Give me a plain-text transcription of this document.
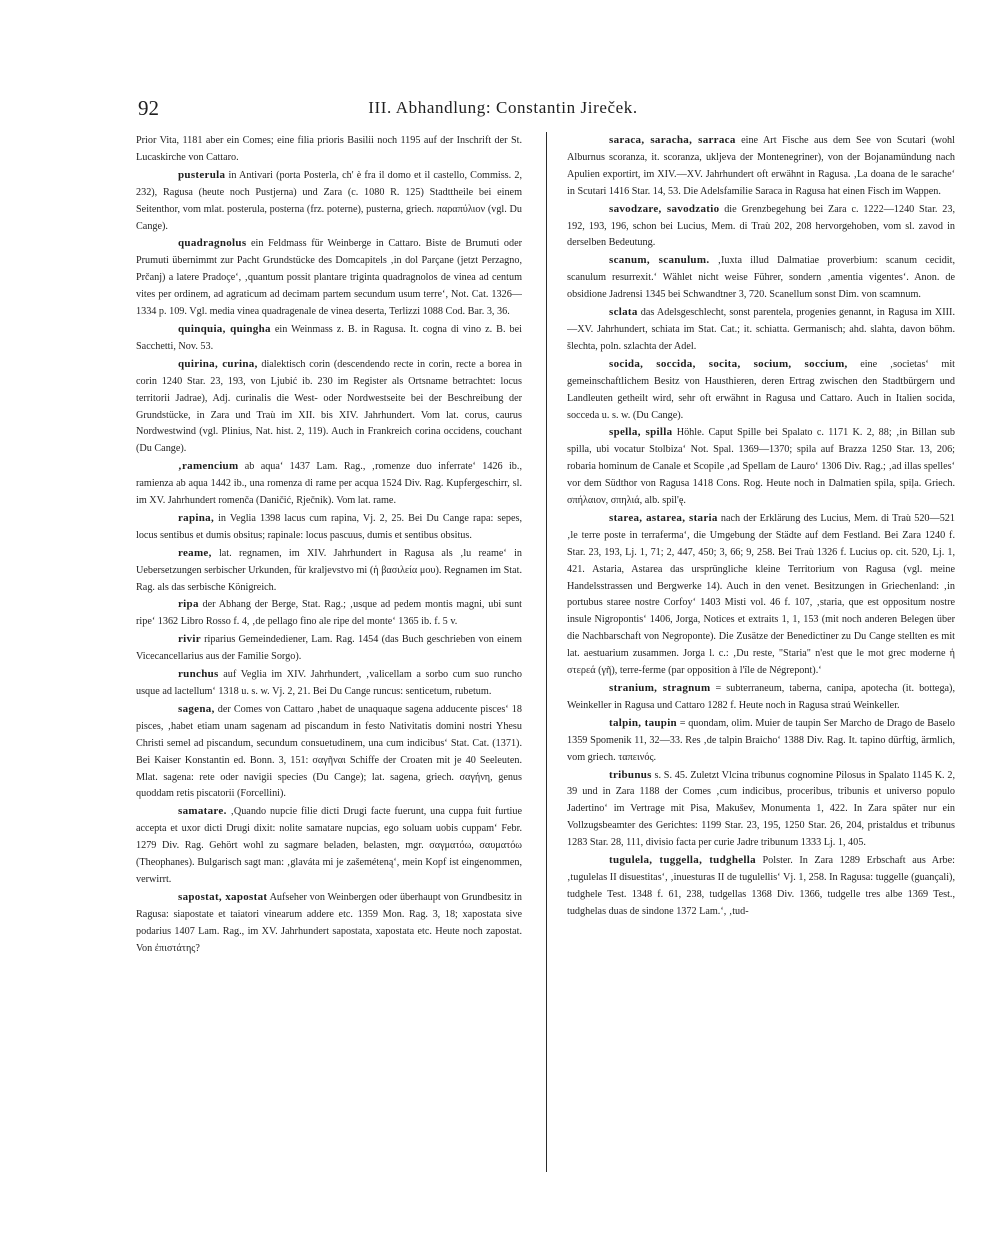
92	III. Abhandlung: Constantin Jireček.

Prior Vita, 1181 aber ein Comes; eine filia prioris Basilii noch 1195 auf der Inschrift der St. Lucaskirche von Cattaro.

pusterula in Antivari (porta Posterla, ch' è fra il domo et il castello, Commiss. 2, 232), Ragusa (heute noch Pustjerna) und Zara (c. 1080 R. 125) Stadttheile bei einem Seitenthor, vom mlat. posterula, posterna (frz. poterne), pusterna, griech. παραπύλιον (vgl. Du Cange).

quadragnolus ein Feldmass für Weinberge in Cattaro. Biste de Brumuti oder Prumuti übernimmt zur Pacht Grundstücke des Domcapitels ‚in dol Parçane (jetzt Perzagno, Prčanj) a latere Pradoçe‘, ‚quantum possit plantare triginta quadragnolos de vinea ad centum vites per ordinem, ad agraticum ad decimam partem secundum usum terre‘, Not. Cat. 1326—1334 p. 109. Vgl. media vinea quadragenale de vinea deserta, Terlizzi 1088 Cod. Bar. 3, 36.

quinquia, quingha ein Weinmass z. B. in Ragusa. It. cogna di vino z. B. bei Sacchetti, Nov. 53.

quirina, curina, dialektisch corin (descendendo recte in corin, recte a borea in corin 1240 Star. 23, 193, von Ljubić ib. 230 im Register als Ortsname betrachtet: locus territorii Jadrae), Adj. curinalis die West- oder Nordwestseite bei der Beschreibung der Grundstücke, in Zara und Traù im XII. bis XIV. Jahrhundert. Vom lat. corus, caurus Nordwestwind (vgl. Plinius, Nat. hist. 2, 119). Auch in Frankreich corina occidens, couchant (Du Cange).

‚ramencium ab aqua‘ 1437 Lam. Rag., ‚romenze duo inferrate‘ 1426 ib., ramienza ab aqua 1442 ib., una romenza di rame per acqua 1524 Div. Rag. Kupfergeschirr, sl. im XV. Jahrhundert romenča (Daničić, Rječnik). Vom lat. rame.

rapina, in Veglia 1398 lacus cum rapina, Vj. 2, 25. Bei Du Cange rapa: sepes, locus sentibus et dumis obsitus; rapinale: locus pascuus, dumis et sentibus obsitus.

reame, lat. regnamen, im XIV. Jahrhundert in Ragusa als ‚lu reame‘ in Uebersetzungen serbischer Urkunden, für kraljevstvo mi (ἡ βασιλεία μου). Regnamen im Stat. Rag. als das serbische Königreich.

ripa der Abhang der Berge, Stat. Rag.; ‚usque ad pedem montis magni, ubi sunt ripe‘ 1362 Libro Rosso f. 4, ‚de pellago fino ale ripe del monte‘ 1365 ib. f. 5 v.

rivir riparius Gemeindediener, Lam. Rag. 1454 (das Buch geschrieben von einem Vicecancellarius aus der Familie Sorgo).

runchus auf Veglia im XIV. Jahrhundert, ‚valicellam a sorbo cum suo runcho usque ad lactellum‘ 1318 u. s. w. Vj. 2, 21. Bei Du Cange runcus: senticetum, rubetum.

sagena, der Comes von Cattaro ‚habet de unaquaque sagena adducente pisces‘ 18 pisces, ‚habet etiam unam sagenam ad piscandum in festo Nativitatis domini nostri Yhesu Christi semel ad piscandum, secundum consuetudinem, una cum indicibus‘ Stat. Cat. (1371). Bei Kaiser Konstantin ed. Bonn. 3, 151: σαγῆναι Schiffe der Croaten mit je 40 Seeleuten. Mlat. sagena: rete oder navigii species (Du Cange); lat. sagena, griech. σαγήνη, genus quoddam retis piscatorii (Forcellini).

samatare. ‚Quando nupcie filie dicti Drugi facte fuerunt, una cuppa fuit furtiue accepta et uxor dicti Drugi dixit: nolite samatare nupcias, ego soluam uobis cuppam‘ Febr. 1279 Div. Rag. Gehört wohl zu sagmare beladen, belasten, mgr. σαγματόω, σαυματόω (Theophanes). Bulgarisch sagt man: ‚glaváta mi je zašeméteną‘, mein Kopf ist eingenommen, verwirrt.

sapostat, xapostat Aufseher von Weinbergen oder überhaupt von Grundbesitz in Ragusa: siapostate et taiatori vinearum addere etc. 1359 Mon. Rag. 3, 18; xapostata sive podarius 1407 Lam. Rag., im XV. Jahrhundert sapostata, xapostata etc. Heute noch zapostat. Von ἐπιστάτης?

saraca, saracha, sarraca eine Art Fische aus dem See von Scutari (wohl Alburnus scoranza, it. scoranza, ukljeva der Montenegriner), von der Bojanamündung nach Apulien exportirt, im XIV.—XV. Jahrhundert oft erwähnt in Ragusa. ‚La doana de le sarache‘ in Scutari 1416 Star. 14, 53. Die Adelsfamilie Saraca in Ragusa hat einen Fisch im Wappen.

savodzare, savodzatio die Grenzbegehung bei Zara c. 1222—1240 Star. 23, 192, 193, 196, schon bei Lucius, Mem. di Traù 202, 208 hervorgehoben, vom sl. zavod in derselben Bedeutung.

scanum, scanulum. ‚Iuxta illud Dalmatiae proverbium: scanum cecidit, scanulum resurrexit.‘ Wählet nicht weise Führer, sondern ‚amentia vigentes‘. Anon. de obsidione Jadrensi 1345 bei Schwandtner 3, 720. Scanellum sonst Dim. von scamnum.

sclata das Adelsgeschlecht, sonst parentela, progenies genannt, in Ragusa im XIII.—XV. Jahrhundert, schiata im Stat. Cat.; it. schiatta. Germanisch; ahd. slahta, davon böhm. šlechta, poln. szlachta der Adel.

socida, soccida, socita, socium, soccium, eine ‚societas‘ mit gemeinschaftlichem Besitz von Hausthieren, deren Ertrag zwischen den Stadtbürgern und Landleuten getheilt wird, sehr oft erwähnt in Ragusa und Cattaro. Auch in Italien socida, socceda u. s. w. (Du Cange).

spella, spilla Höhle. Caput Spille bei Spalato c. 1171 K. 2, 88; ‚in Billan sub spilla, ubi vocatur Stolbiza‘ Not. Spal. 1369—1370; spila auf Brazza 1250 Star. 13, 206; robaria hominum de Canale et Scopile ‚ad Spellam de Lauro‘ 1306 Div. Rag.; ‚ad illas spelles‘ vor dem Südthor von Ragusa 1418 Cons. Rog. Heute noch in Dalmatien spila, spiļa. Griech. σπήλαιον, σπηλιά, alb. spil'ę.

starea, astarea, staria nach der Erklärung des Lucius, Mem. di Traù 520—521 ‚le terre poste in terraferma‘, die Umgebung der Städte auf dem Festland. Bei Zara 1240 f. Star. 23, 193, Lj. 1, 71; 2, 447, 450; 3, 66; 9, 258. Bei Traù 1326 f. Lucius op. cit. 520, Lj. 1, 421. Astaria, Astarea das ursprüngliche kleine Territorium von Ragusa (vgl. meine Handelsstrassen und Bergwerke 14). Auch in den venet. Besitzungen in Griechenland: ‚in portubus staree nostre Corfoy‘ 1403 Misti vol. 46 f. 107, ‚staria, que est oppositum nostre insule Nigropontis‘ 1406, Jorga, Notices et extraits 1, 1, 153 (mit noch anderen Belegen über die Nachbarschaft von Negroponte). Die Zusätze der Benedictiner zu Du Cange stellten es mit lat. aestuarium zusammen. Jorga l. c.: ‚Du reste, "Staria" n'est que le mot grec moderne ἡ στερεά (γῆ), terre-ferme (par opposition à l'île de Négrepont).‘

stranium, stragnum = subterraneum, taberna, canipa, apotecha (it. bottega), Weinkeller in Ragusa und Cattaro 1282 f. Heute noch in Ragusa straú Weinkeller.

talpin, taupin = quondam, olim. Muier de taupin Ser Marcho de Drago de Baselo 1359 Spomenik 11, 32—33. Res ‚de talpin Braicho‘ 1388 Div. Rag. It. tapino dürftig, ärmlich, vom griech. ταπεινός.

tribunus s. S. 45. Zuletzt Vlcina tribunus cognomine Pilosus in Spalato 1145 K. 2, 39 und in Zara 1188 der Comes ‚cum indicibus, proceribus, tribunis et universo populo Jadertino‘ im Vertrage mit Pisa, Makušev, Monumenta 1, 422. In Zara später nur ein Vollzugsbeamter des Gerichtes: 1199 Star. 23, 195, 1250 Star. 26, 204, pristaldus et tribunus 1283 Star. 28, 111, divisio facta per curie Jadre tribunum 1333 Lj. 1, 405.

tugulela, tuggella, tudghella Polster. In Zara 1289 Erbschaft aus Arbe: ‚tugulelas II disuestitas‘, ‚inuesturas II de tugulellis‘ Vj. 1, 258. In Ragusa: tuggelle (guançali), tudghele Test. 1348 f. 61, 238, tudgellas 1368 Div. 1366, tudgelle tres albe 1369 Test., tudghelas duas de sindone 1372 Lam.‘, ‚tud-
